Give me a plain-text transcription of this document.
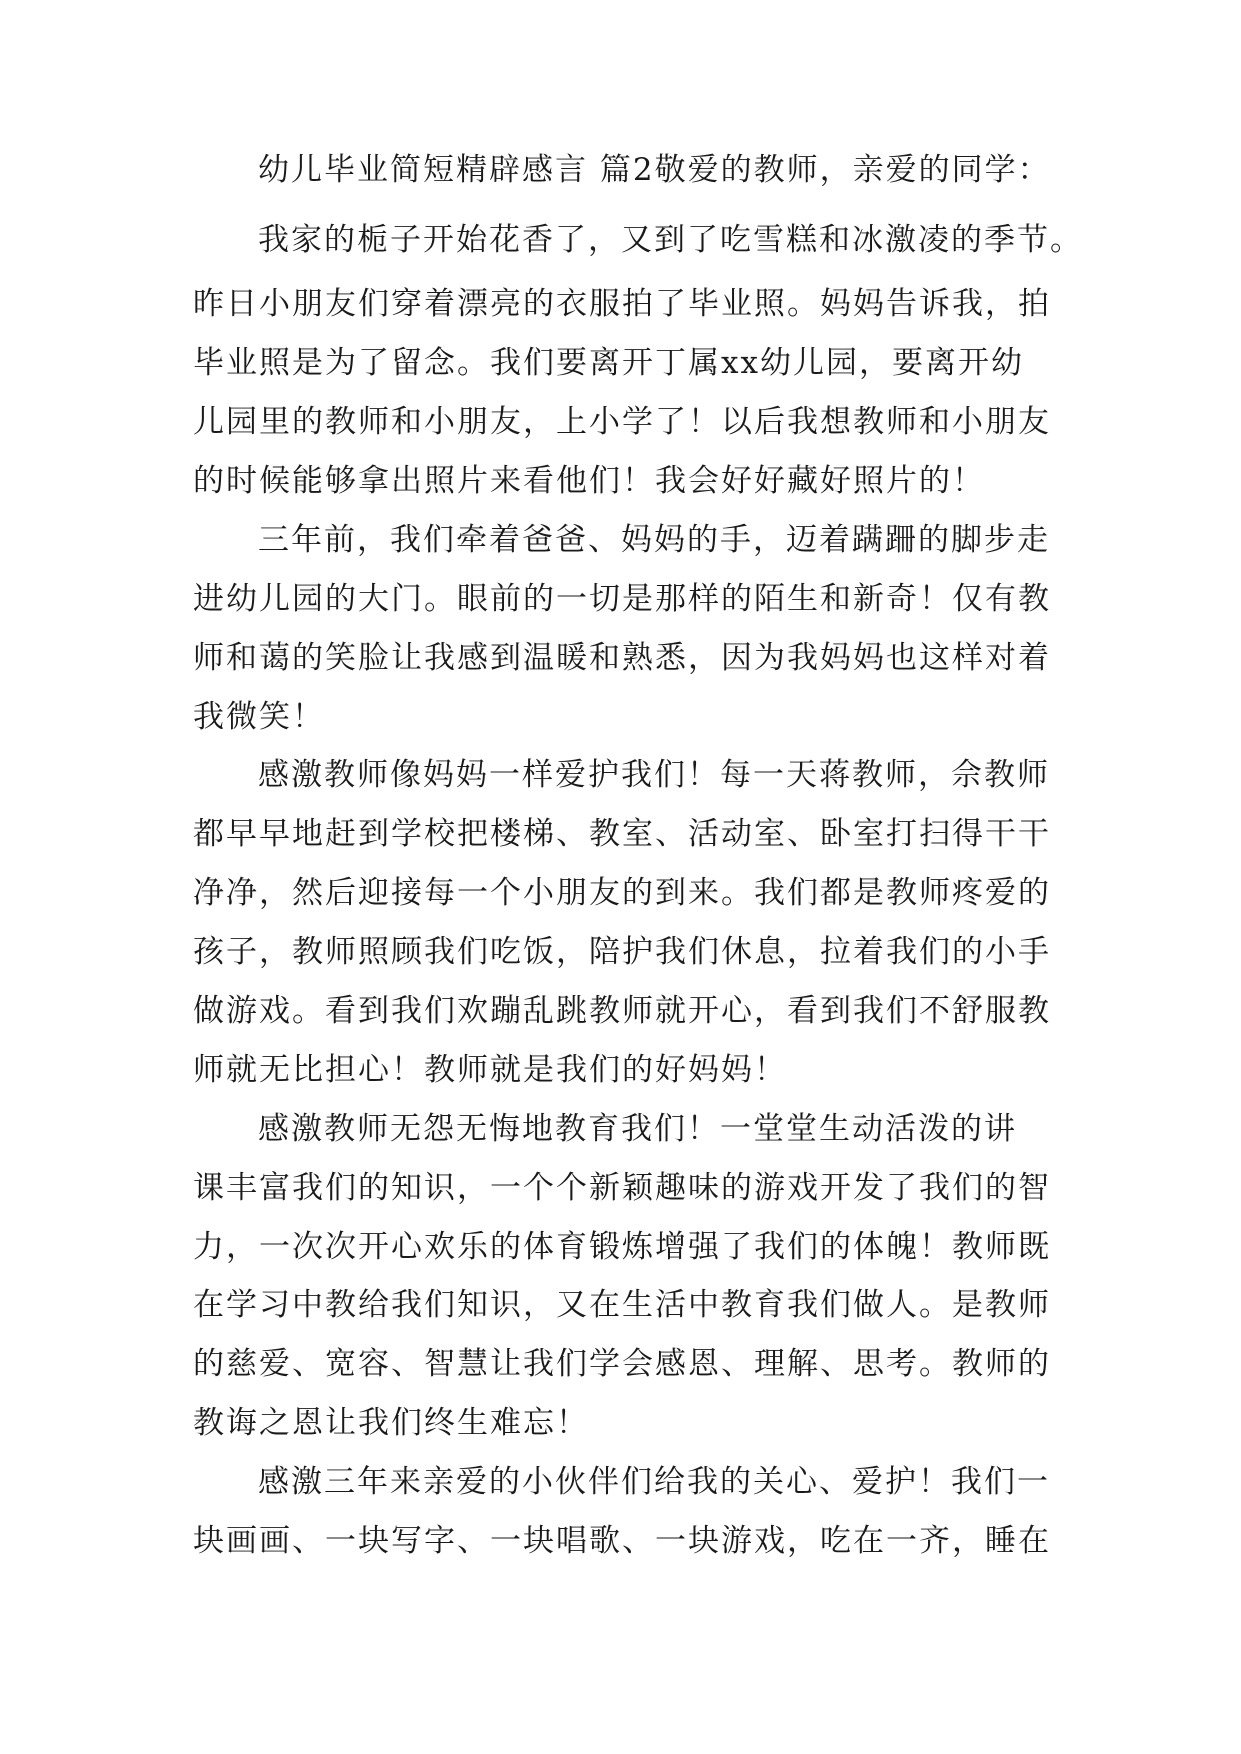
幼儿毕业简短精辟感言 篇2敬爱的教师，亲爱的同学：
我家的栀子开始花香了，又到了吃雪糕和冰激凌的季节。
昨日小朋友们穿着漂亮的衣服拍了毕业照。妈妈告诉我，拍
毕业照是为了留念。我们要离开丁属xx幼儿园，要离开幼
儿园里的教师和小朋友，上小学了！以后我想教师和小朋友
的时候能够拿出照片来看他们！我会好好藏好照片的！
三年前，我们牵着爸爸、妈妈的手，迈着蹒跚的脚步走
进幼儿园的大门。眼前的一切是那样的陌生和新奇！仅有教
师和蔼的笑脸让我感到温暖和熟悉，因为我妈妈也这样对着
我微笑！
感激教师像妈妈一样爱护我们！每一天蒋教师，佘教师
都早早地赶到学校把楼梯、教室、活动室、卧室打扫得干干
净净，然后迎接每一个小朋友的到来。我们都是教师疼爱的
孩子，教师照顾我们吃饭，陪护我们休息，拉着我们的小手
做游戏。看到我们欢蹦乱跳教师就开心，看到我们不舒服教
师就无比担心！教师就是我们的好妈妈！
感激教师无怨无悔地教育我们！一堂堂生动活泼的讲
课丰富我们的知识，一个个新颖趣味的游戏开发了我们的智
力，一次次开心欢乐的体育锻炼增强了我们的体魄！教师既
在学习中教给我们知识，又在生活中教育我们做人。是教师
的慈爱、宽容、智慧让我们学会感恩、理解、思考。教师的
教诲之恩让我们终生难忘！
感激三年来亲爱的小伙伴们给我的关心、爱护！我们一
块画画、一块写字、一块唱歌、一块游戏，吃在一齐，睡在
